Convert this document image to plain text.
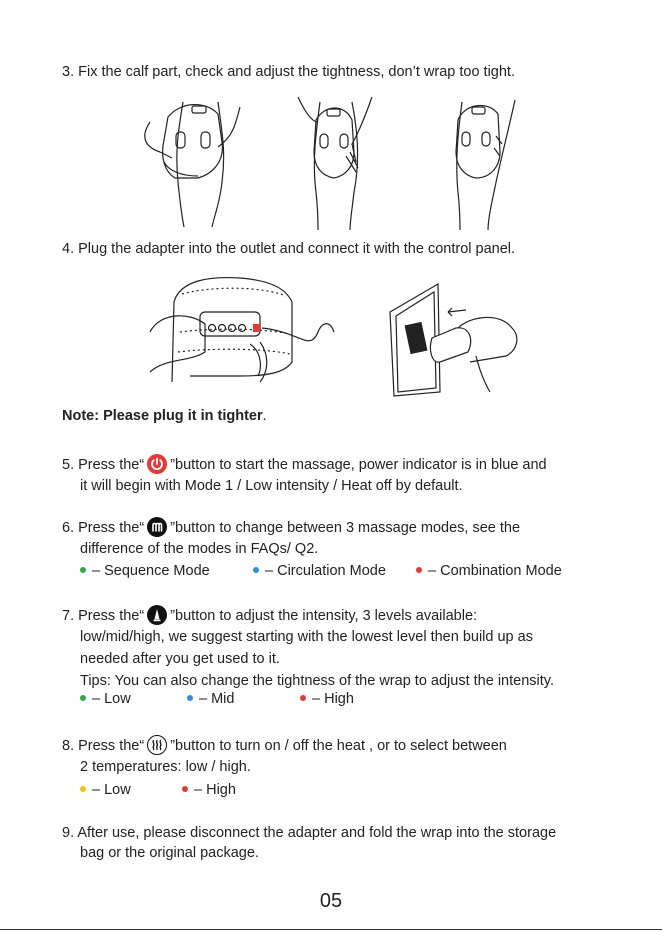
3. Fix the calf part, check and adjust the tightness, don’t wrap too tight.
4. Plug the adapter into the outlet and connect it with the control panel.
Note: Please plug it in tighter.
5. Press the“ ”button to start the massage, power indicator is in blue and
it will begin with Mode 1 / Low intensity / Heat off by default.
6. Press the“ ”button to change between 3 massage modes, see the
difference of the modes in FAQs/ Q2.
– Sequence Mode	– Circulation Mode	– Combination Mode
7. Press the“ ”button to adjust the intensity, 3 levels available:
low/mid/high, we suggest starting with the lowest level then build up as
needed after you get used to it.
Tips: You can also change the tightness of the wrap to adjust the intensity.
– Low	– Mid	– High
8. Press the“ ”button to turn on / off the heat , or to select between
2 temperatures: low / high.
– Low	– High
9. After use, please disconnect the adapter and fold the wrap into the storage
bag or the original package.
05
